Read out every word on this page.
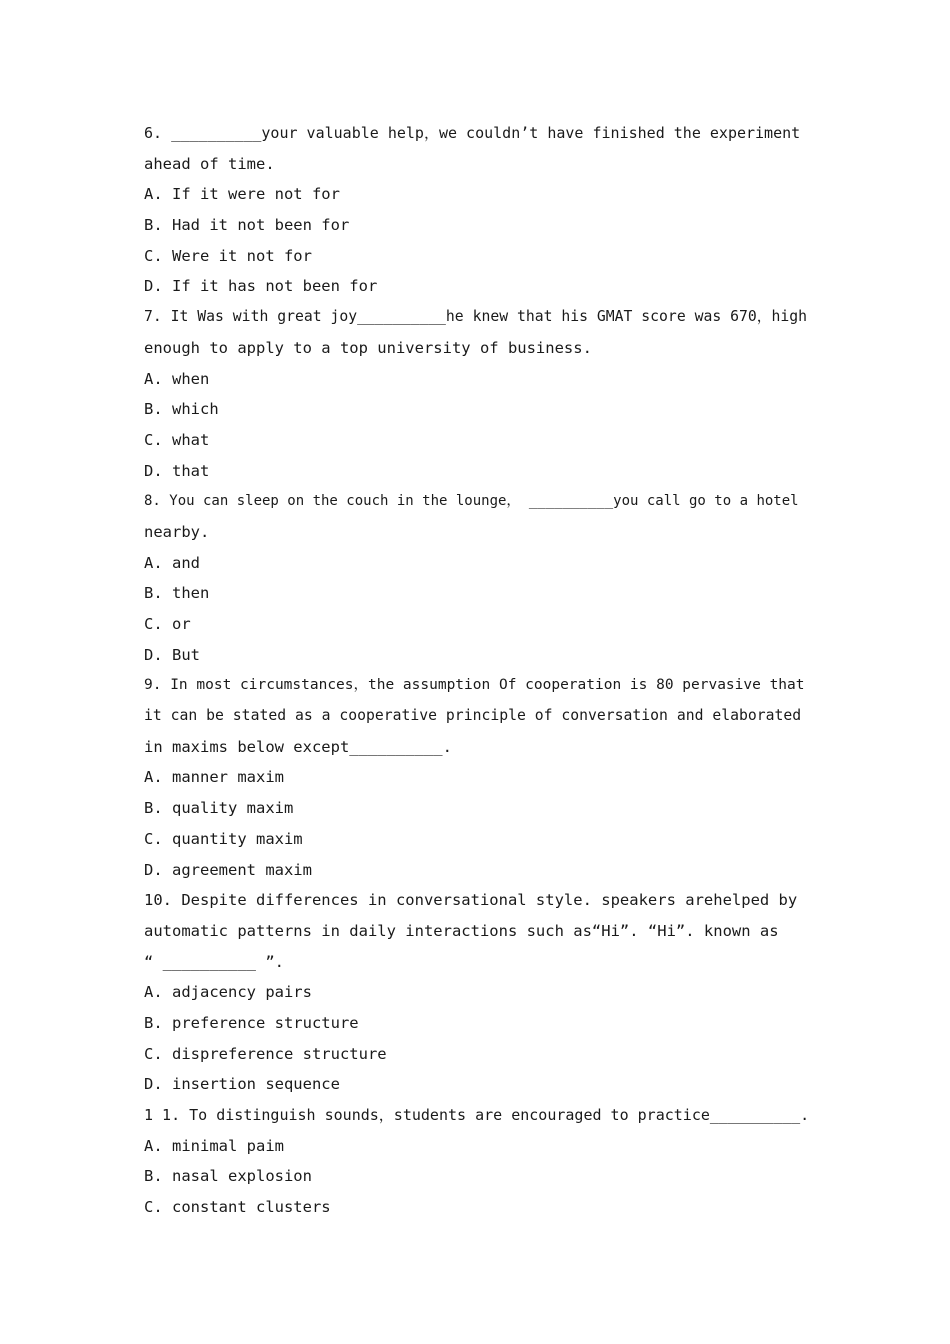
6. __________your valuable help，we couldn’t have finished the experiment
ahead of time.
A. If it were not for
B. Had it not been for
C. Were it not for
D. If it has not been for
7. It Was with great joy__________he knew that his GMAT score was 670，high
enough to apply to a top university of business.
A. when
B. which
C. what
D. that
8. You can sleep on the couch in the lounge， __________you call go to a hotel
nearby.
A. and
B. then
C. or
D. But
9. In most circumstances，the assumption Of cooperation is 80 pervasive that
it can be stated as a cooperative principle of conversation and elaborated
in maxims below except__________.
A. manner maxim
B. quality maxim
C. quantity maxim
D. agreement maxim
10. Despite differences in conversational style. speakers arehelped by
automatic patterns in daily interactions such as“Hi”. “Hi”. known as
“ __________ ”.
A. adjacency pairs
B. preference structure
C. dispreference structure
D. insertion sequence
1 1. To distinguish sounds，students are encouraged to practice__________.
A. minimal paim
B. nasal explosion
C. constant clusters
